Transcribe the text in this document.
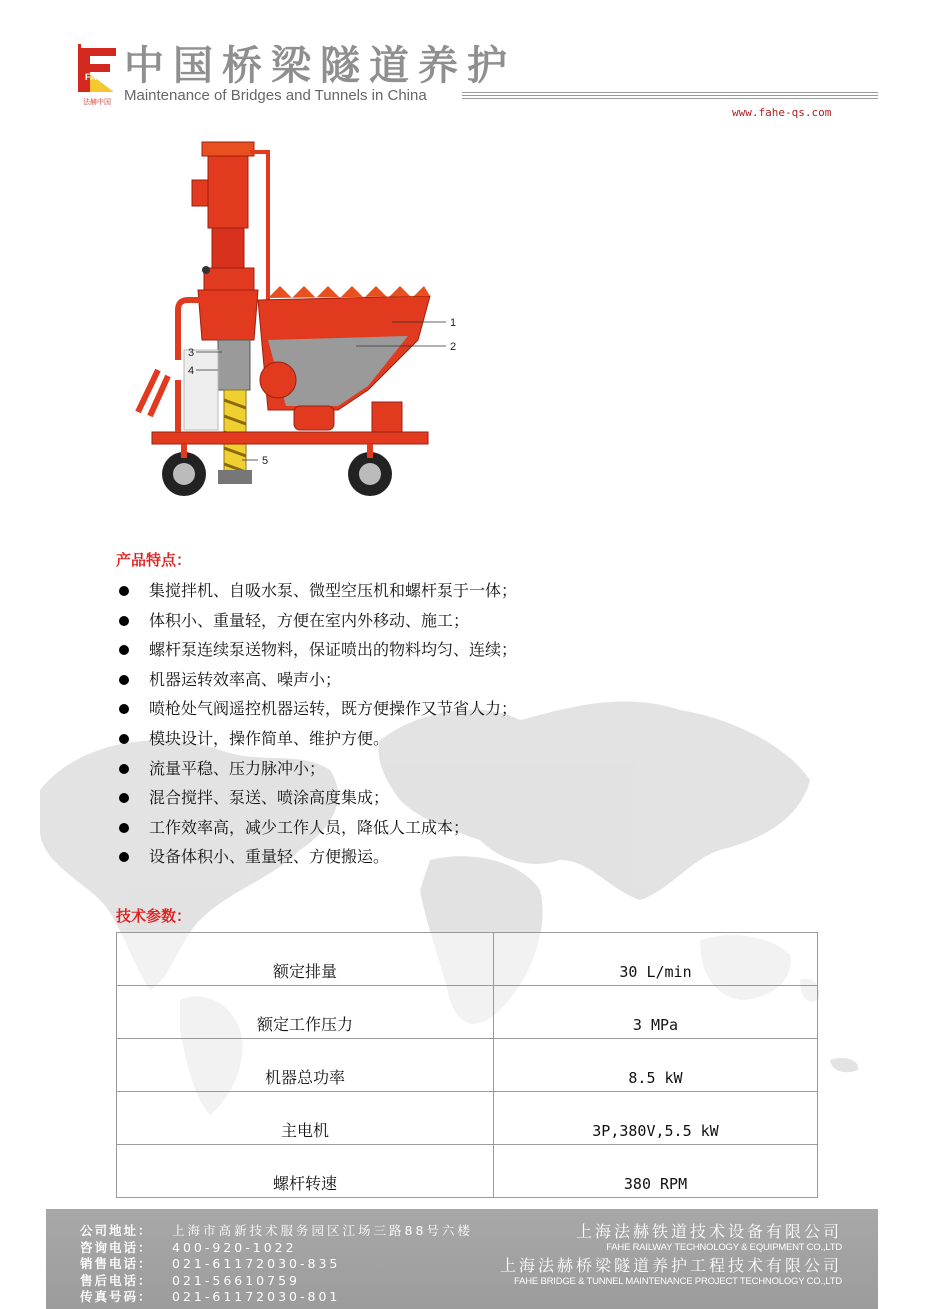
FAHE
法赫中国
中国桥梁隧道养护
Maintenance of Bridges and Tunnels in China
www.fahe-qs.com
1
2
3
4
5
产品特点：
集搅拌机、自吸水泵、微型空压机和螺杆泵于一体；
体积小、重量轻，方便在室内外移动、施工；
螺杆泵连续泵送物料，保证喷出的物料均匀、连续；
机器运转效率高、噪声小；
喷枪处气阀遥控机器运转，既方便操作又节省人力；
模块设计，操作简单、维护方便。
流量平稳、压力脉冲小；
混合搅拌、泵送、喷涂高度集成；
工作效率高，减少工作人员，降低人工成本；
设备体积小、重量轻、方便搬运。
技术参数：
额定排量	30 L/min
额定工作压力	3 MPa
机器总功率	8.5 kW
主电机	3P,380V,5.5 kW
螺杆转速	380 RPM
公司地址： 上海市高新技术服务园区江场三路88号六楼
咨询电话： 400-920-1022
销售电话： 021-61172030-835
售后电话： 021-56610759
传真号码： 021-61172030-801
上海法赫铁道技术设备有限公司
FAHE RAILWAY TECHNOLOGY & EQUIPMENT CO.,LTD
上海法赫桥梁隧道养护工程技术有限公司
FAHE BRIDGE & TUNNEL MAINTENANCE PROJECT TECHNOLOGY CO.,LTD
